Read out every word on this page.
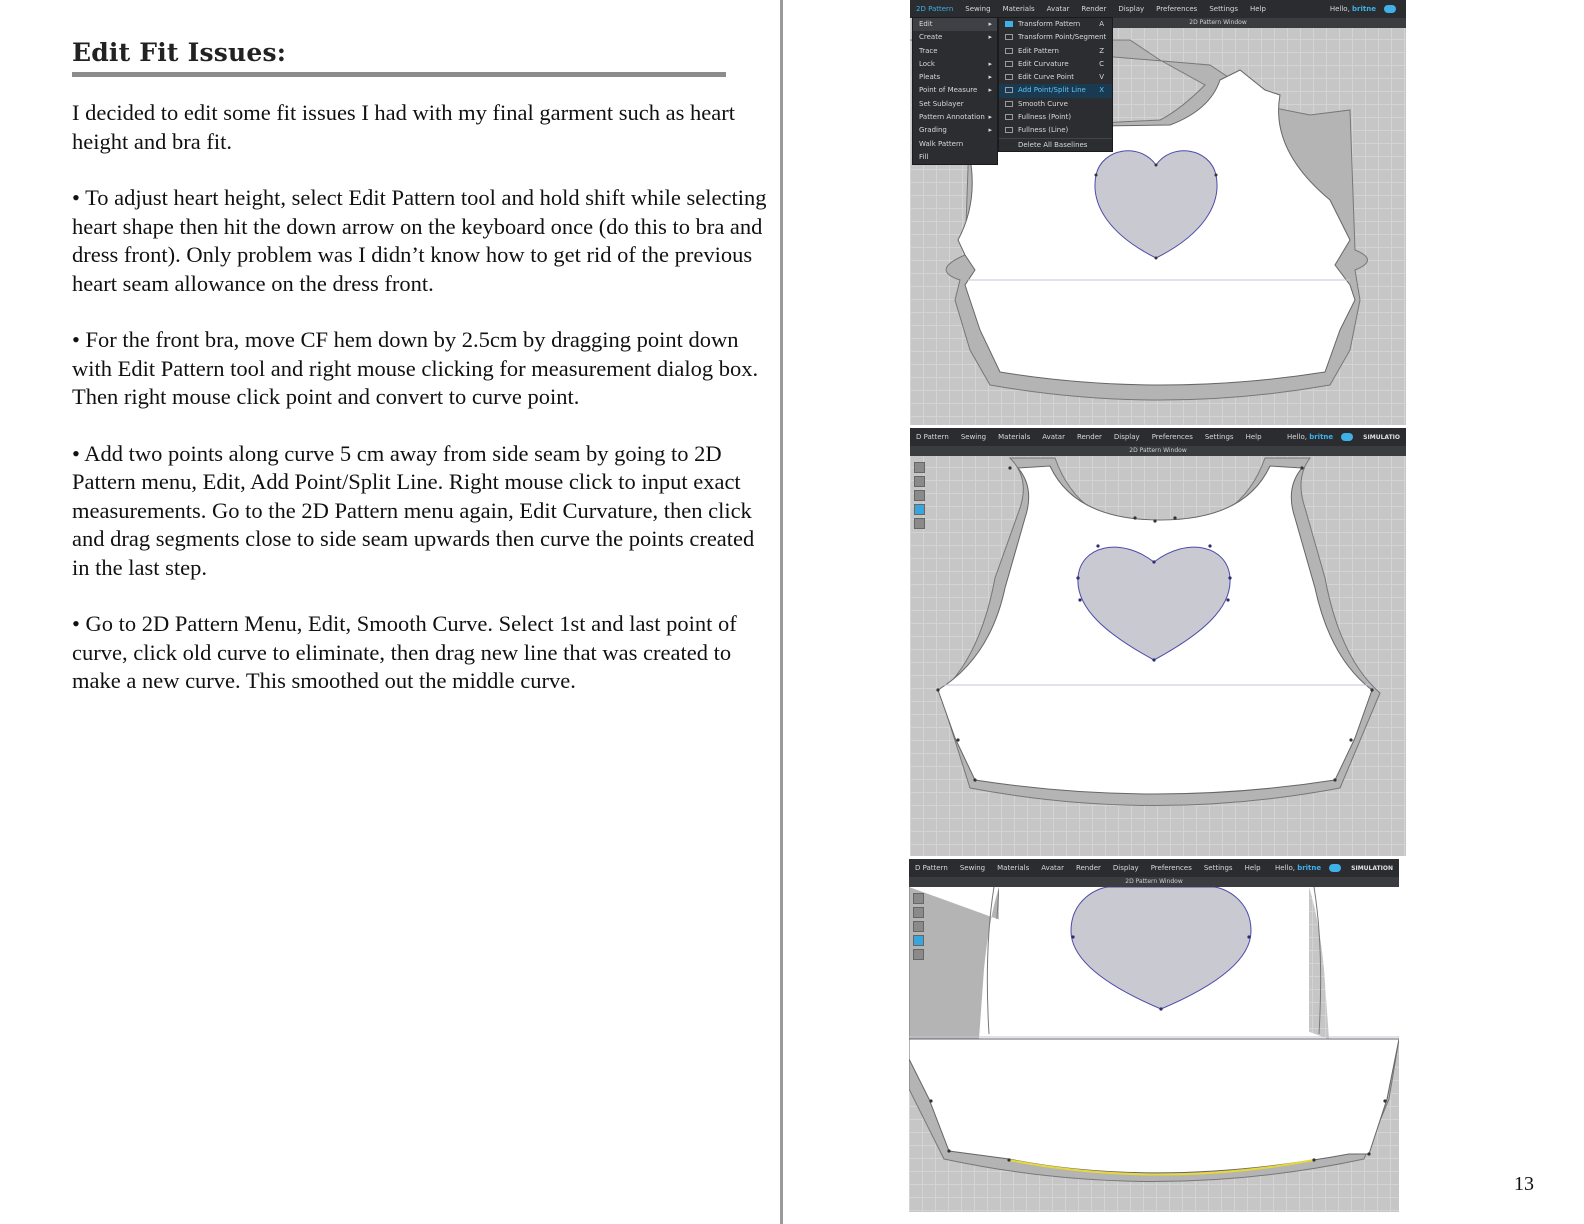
Edit Fit Issues:

I decided to edit some fit issues I had with my final garment such as heart height and bra fit.

• To adjust heart height, select Edit Pattern tool and hold shift while selecting heart shape then hit the down arrow on the keyboard once (do this to bra and dress front). Only problem was I didn’t know how to get rid of the previous heart seam allowance on the dress front.

• For the front bra, move CF hem down by 2.5cm by dragging point down with Edit Pattern tool and right mouse clicking for measurement dialog box. Then right mouse click point and convert to curve point.

• Add two points along curve 5 cm away from side seam by going to 2D Pattern menu, Edit, Add Point/Split Line. Right mouse click to input exact measurements. Go to the 2D Pattern menu again, Edit Curvature, then click and drag segments close to side seam upwards then curve the points created in the last step.

• Go to 2D Pattern Menu, Edit, Smooth Curve. Select 1st and last point of curve, click old curve to eliminate, then drag new line that was created to make a new curve. This smoothed out the middle curve.

2D Pattern	Sewing	Materials	Avatar	Render	Display	Preferences	Settings	Help	Hello, britne
2D Pattern Window
Edit	▸
Create	▸
Trace
Lock	▸
Pleats	▸
Point of Measure ▸
Set Sublayer
Pattern Annotation ▸
Grading	▸
Walk Pattern
Fill
Transform Pattern	A
Transform Point/Segment
Edit Pattern	Z
Edit Curvature	C
Edit Curve Point	V
Add Point/Split Line X
Smooth Curve
Fullness (Point)
Fullness (Line)
Delete All Baselines
D Pattern	Sewing	Materials	Avatar	Render	Display	Preferences	Settings	Help	Hello, britne	SIMULATIO
2D Pattern Window
D Pattern	Sewing	Materials	Avatar	Render	Display	Preferences	Settings	Help	Hello, britne	SIMULATION
2D Pattern Window
13
